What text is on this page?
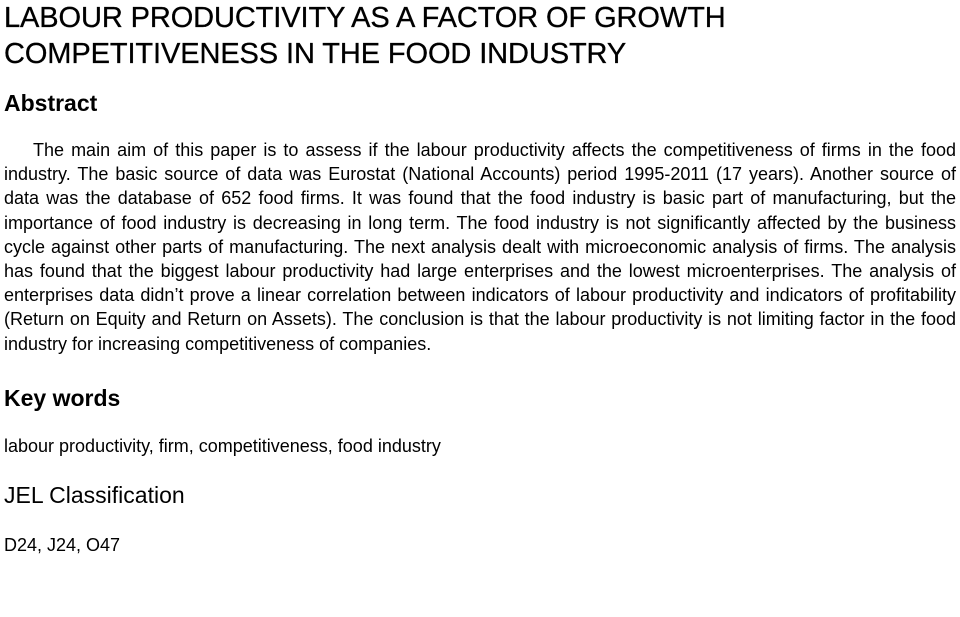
LABOUR PRODUCTIVITY AS A FACTOR OF GROWTH COMPETITIVENESS IN THE FOOD INDUSTRY
Abstract

The main aim of this paper is to assess if the labour productivity affects the competitiveness of firms in the food industry. The basic source of data was Eurostat (National Accounts) period 1995-2011 (17 years). Another source of data was the database of 652 food firms. It was found that the food industry is basic part of manufacturing, but the importance of food industry is decreasing in long term. The food industry is not significantly affected by the business cycle against other parts of manufacturing. The next analysis dealt with microeconomic analysis of firms. The analysis has found that the biggest labour productivity had large enterprises and the lowest microenterprises. The analysis of enterprises data didn’t prove a linear correlation between indicators of labour productivity and indicators of profitability (Return on Equity and Return on Assets). The conclusion is that the labour productivity is not limiting factor in the food industry for increasing competitiveness of companies.

Key words

labour productivity, firm, competitiveness, food industry

JEL Classification

D24, J24, O47
